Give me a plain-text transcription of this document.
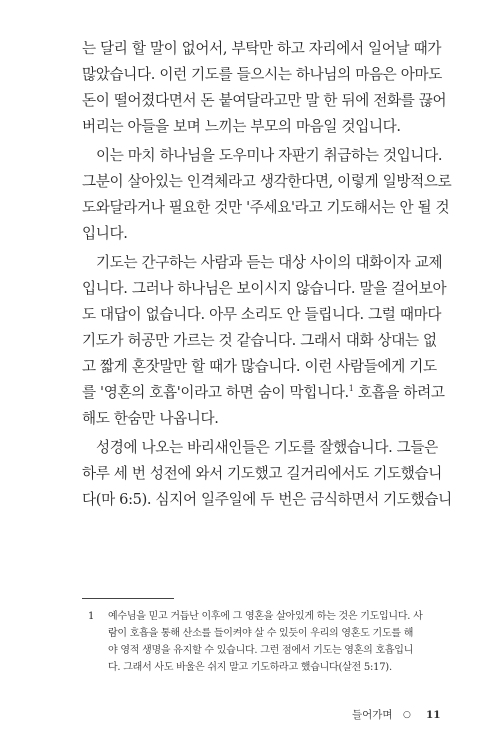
는 달리 할 말이 없어서, 부탁만 하고 자리에서 일어날 때가
많았습니다. 이런 기도를 들으시는 하나님의 마음은 아마도
돈이 떨어졌다면서 돈 붙여달라고만 말 한 뒤에 전화를 끊어
버리는 아들을 보며 느끼는 부모의 마음일 것입니다.
이는 마치 하나님을 도우미나 자판기 취급하는 것입니다.
그분이 살아있는 인격체라고 생각한다면, 이렇게 일방적으로
도와달라거나 필요한 것만 '주세요'라고 기도해서는 안 될 것
입니다.
기도는 간구하는 사람과 듣는 대상 사이의 대화이자 교제
입니다. 그러나 하나님은 보이시지 않습니다. 말을 걸어보아
도 대답이 없습니다. 아무 소리도 안 들립니다. 그럴 때마다
기도가 허공만 가르는 것 같습니다. 그래서 대화 상대는 없
고 짧게 혼잣말만 할 때가 많습니다. 이런 사람들에게 기도
를 '영혼의 호흡'이라고 하면 숨이 막힙니다.$^1$ 호흡을 하려고
해도 한숨만 나옵니다.
성경에 나오는 바리새인들은 기도를 잘했습니다. 그들은
하루 세 번 성전에 와서 기도했고 길거리에서도 기도했습니
다(마 6:5). 심지어 일주일에 두 번은 금식하면서 기도했습니
1 예수님을 믿고 거듭난 이후에 그 영혼을 살아있게 하는 것은 기도입니다. 사
람이 호흡을 통해 산소를 들이켜야 살 수 있듯이 우리의 영혼도 기도를 해
야 영적 생명을 유지할 수 있습니다. 그런 점에서 기도는 영혼의 호흡입니
다. 그래서 사도 바울은 쉬지 말고 기도하라고 했습니다(살전 5:17).
들어가며 ○ 11
